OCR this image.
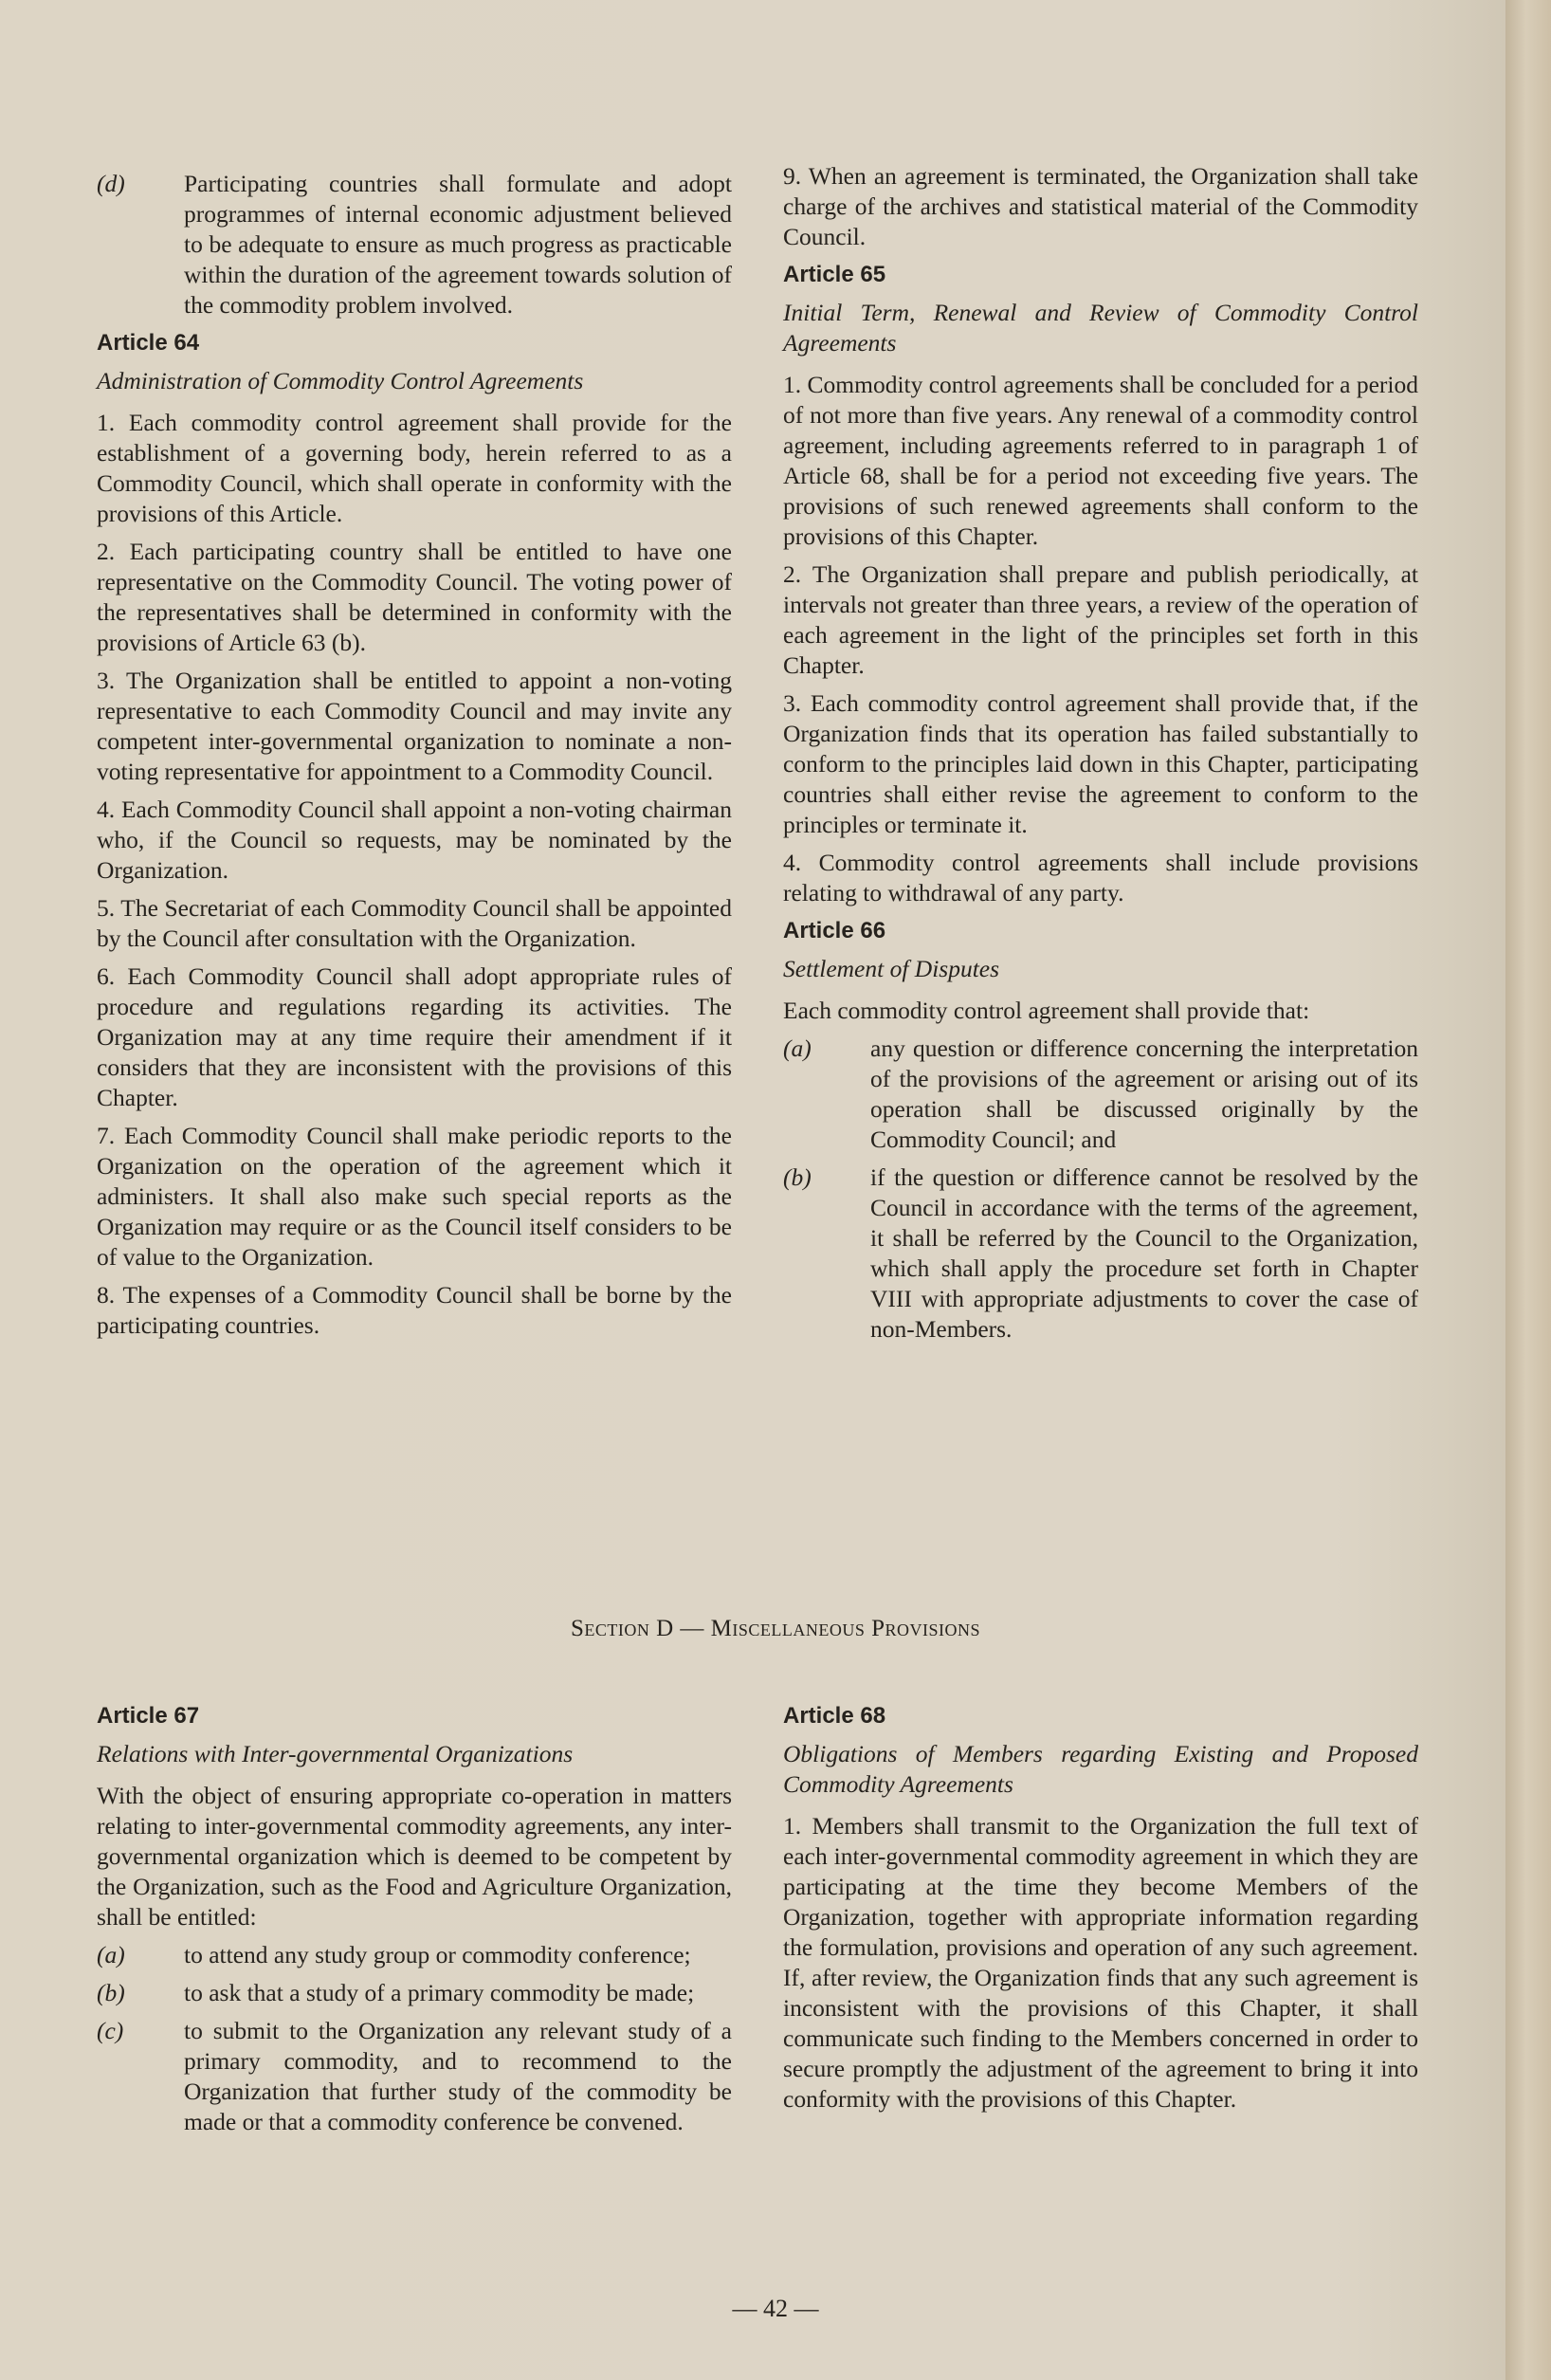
(d)	Participating countries shall formulate and adopt programmes of internal economic adjustment believed to be adequate to ensure as much progress as practicable within the duration of the agreement towards solution of the commodity problem involved.

Article 64

Administration of Commodity Control Agreements

1. Each commodity control agreement shall provide for the establishment of a governing body, herein referred to as a Commodity Council, which shall operate in conformity with the provisions of this Article.

2. Each participating country shall be entitled to have one representative on the Commodity Council. The voting power of the representatives shall be determined in conformity with the provisions of Article 63 (b).

3. The Organization shall be entitled to appoint a non-voting representative to each Commodity Council and may invite any competent inter-governmental organization to nominate a non-voting representative for appointment to a Commodity Council.

4. Each Commodity Council shall appoint a non-voting chairman who, if the Council so requests, may be nominated by the Organization.

5. The Secretariat of each Commodity Council shall be appointed by the Council after consultation with the Organization.

6. Each Commodity Council shall adopt appropriate rules of procedure and regulations regarding its activities. The Organization may at any time require their amendment if it considers that they are inconsistent with the provisions of this Chapter.

7. Each Commodity Council shall make periodic reports to the Organization on the operation of the agreement which it administers. It shall also make such special reports as the Organization may require or as the Council itself considers to be of value to the Organization.

8. The expenses of a Commodity Council shall be borne by the participating countries.

9. When an agreement is terminated, the Organization shall take charge of the archives and statistical material of the Commodity Council.

Article 65

Initial Term, Renewal and Review of Commodity Control Agreements

1. Commodity control agreements shall be concluded for a period of not more than five years. Any renewal of a commodity control agreement, including agreements referred to in paragraph 1 of Article 68, shall be for a period not exceeding five years. The provisions of such renewed agreements shall conform to the provisions of this Chapter.

2. The Organization shall prepare and publish periodically, at intervals not greater than three years, a review of the operation of each agreement in the light of the principles set forth in this Chapter.

3. Each commodity control agreement shall provide that, if the Organization finds that its operation has failed substantially to conform to the principles laid down in this Chapter, participating countries shall either revise the agreement to conform to the principles or terminate it.

4. Commodity control agreements shall include provisions relating to withdrawal of any party.

Article 66

Settlement of Disputes

Each commodity control agreement shall provide that:

(a)	any question or difference concerning the interpretation of the provisions of the agreement or arising out of its operation shall be discussed originally by the Commodity Council; and
(b)	if the question or difference cannot be resolved by the Council in accordance with the terms of the agreement, it shall be referred by the Council to the Organization, which shall apply the procedure set forth in Chapter VIII with appropriate adjustments to cover the case of non-Members.
Section D — Miscellaneous Provisions

Article 67

Relations with Inter-governmental Organizations

With the object of ensuring appropriate co-operation in matters relating to inter-governmental commodity agreements, any inter-governmental organization which is deemed to be competent by the Organization, such as the Food and Agriculture Organization, shall be entitled:

(a)	to attend any study group or commodity conference;
(b)	to ask that a study of a primary commodity be made;
(c)	to submit to the Organization any relevant study of a primary commodity, and to recommend to the Organization that further study of the commodity be made or that a commodity conference be convened.

Article 68

Obligations of Members regarding Existing and Proposed Commodity Agreements

1. Members shall transmit to the Organization the full text of each inter-governmental commodity agreement in which they are participating at the time they become Members of the Organization, together with appropriate information regarding the formulation, provisions and operation of any such agreement. If, after review, the Organization finds that any such agreement is inconsistent with the provisions of this Chapter, it shall communicate such finding to the Members concerned in order to secure promptly the adjustment of the agreement to bring it into conformity with the provisions of this Chapter.

— 42 —
